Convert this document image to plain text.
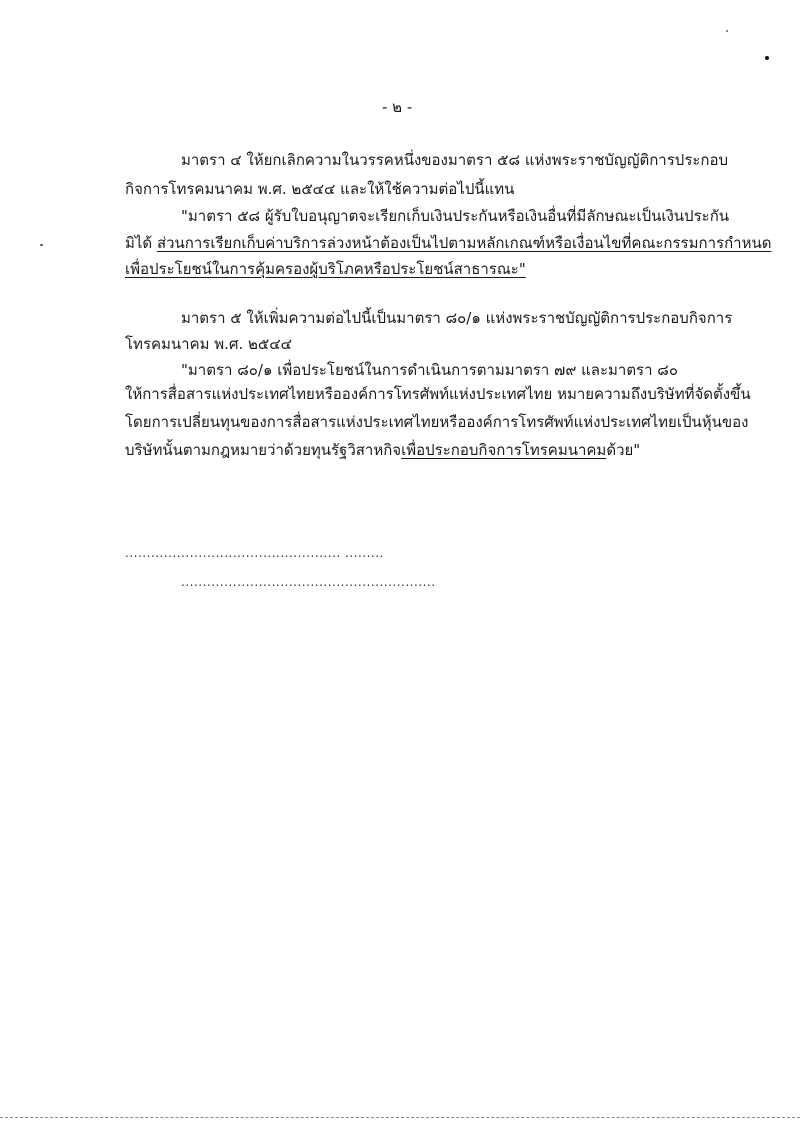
- ๒ -
มาตรา ๔ ให้ยกเลิกความในวรรคหนึ่งของมาตรา ๕๘ แห่งพระราชบัญญัติการประกอบ
กิจการโทรคมนาคม พ.ศ. ๒๕๔๔ และให้ใช้ความต่อไปนี้แทน
"มาตรา ๕๘ ผู้รับใบอนุญาตจะเรียกเก็บเงินประกันหรือเงินอื่นที่มีลักษณะเป็นเงินประกัน
มิได้ ส่วนการเรียกเก็บค่าบริการล่วงหน้าต้องเป็นไปตามหลักเกณฑ์หรือเงื่อนไขที่คณะกรรมการกำหนด
เพื่อประโยชน์ในการคุ้มครองผู้บริโภคหรือประโยชน์สาธารณะ"
มาตรา ๕ ให้เพิ่มความต่อไปนี้เป็นมาตรา ๘๐/๑ แห่งพระราชบัญญัติการประกอบกิจการ
โทรคมนาคม พ.ศ. ๒๕๔๔
"มาตรา ๘๐/๑ เพื่อประโยชน์ในการดำเนินการตามมาตรา ๗๙ และมาตรา ๘๐
ให้การสื่อสารแห่งประเทศไทยหรือองค์การโทรศัพท์แห่งประเทศไทย หมายความถึงบริษัทที่จัดตั้งขึ้น
โดยการเปลี่ยนทุนของการสื่อสารแห่งประเทศไทยหรือองค์การโทรศัพท์แห่งประเทศไทยเป็นหุ้นของ
บริษัทนั้นตามกฎหมายว่าด้วยทุนรัฐวิสาหกิจเพื่อประกอบกิจการโทรคมนาคมด้วย"
.................................................. .........
...........................................................
